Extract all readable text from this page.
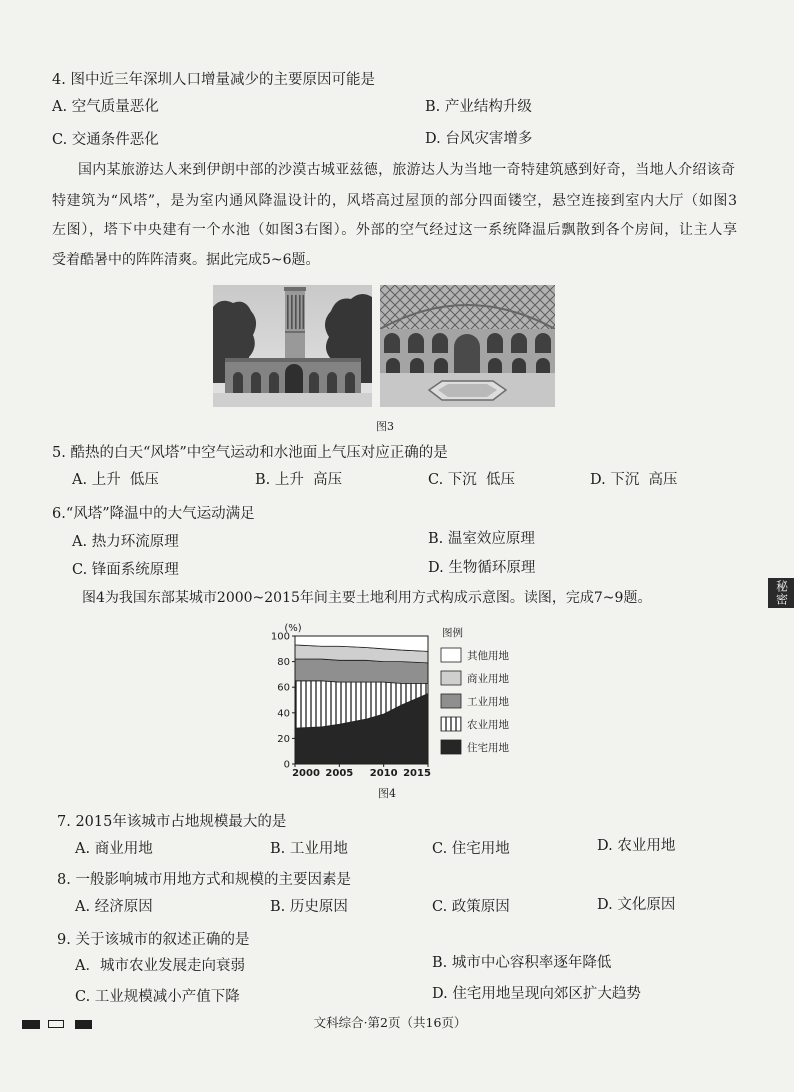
4. 图中近三年深圳人口增量减少的主要原因可能是
A. 空气质量恶化	B. 产业结构升级
C. 交通条件恶化	D. 台风灾害增多
国内某旅游达人来到伊朗中部的沙漠古城亚兹德，旅游达人为当地一奇特建筑感到好奇，当地人介绍该奇
特建筑为“风塔”，是为室内通风降温设计的，风塔高过屋顶的部分四面镂空，悬空连接到室内大厅（如图3
左图），塔下中央建有一个水池（如图3右图）。外部的空气经过这一系统降温后飘散到各个房间，让主人享
受着酷暑中的阵阵清爽。据此完成5~6题。
图3
5. 酷热的白天“风塔”中空气运动和水池面上气压对应正确的是
A. 上升  低压	B. 上升  高压	C. 下沉  低压	D. 下沉  高压
6.“风塔”降温中的大气运动满足
A. 热力环流原理	B. 温室效应原理
C. 锋面系统原理	D. 生物循环原理
秘密
图4为我国东部某城市2000~2015年间主要土地利用方式构成示意图。读图，完成7~9题。
(%)
0
20
40
60
80
100
2000 2005 2010 2015
图例
其他用地
商业用地
工业用地
农业用地
住宅用地
图4
7. 2015年该城市占地规模最大的是
A. 商业用地	B. 工业用地	C. 住宅用地	D. 农业用地
8. 一般影响城市用地方式和规模的主要因素是
A. 经济原因	B. 历史原因	C. 政策原因	D. 文化原因
9. 关于该城市的叙述正确的是
A．城市农业发展走向衰弱	B. 城市中心容积率逐年降低
C. 工业规模减小产值下降	D. 住宅用地呈现向郊区扩大趋势
文科综合·第2页（共16页）
